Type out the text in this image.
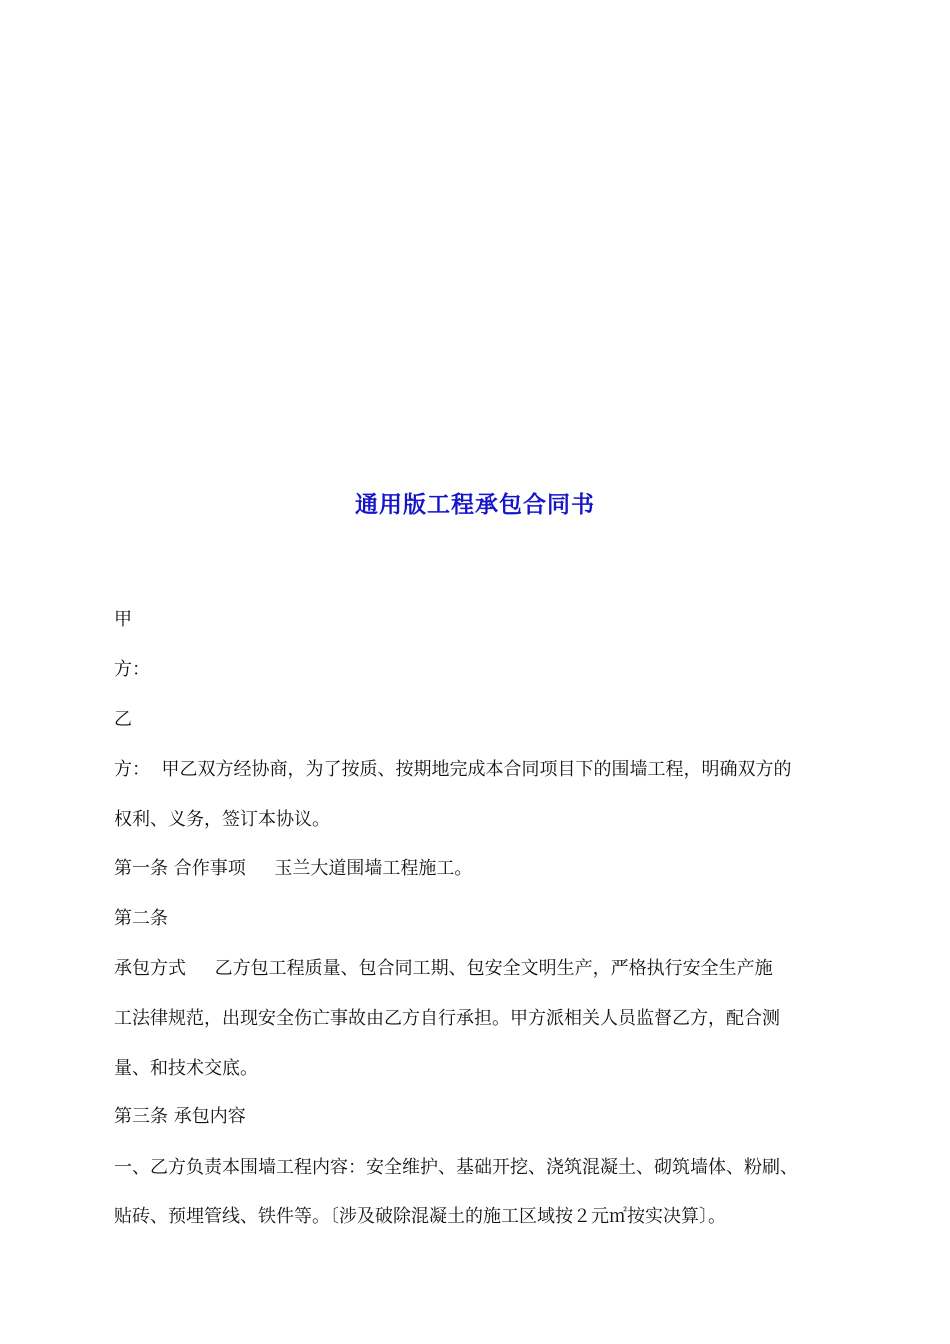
通用版工程承包合同书
甲
方：
乙
方：  甲乙双方经协商，为了按质、按期地完成本合同项目下的围墙工程，明确双方的
权利、义务，签订本协议。
第一条 合作事项     玉兰大道围墙工程施工。
第二条
承包方式     乙方包工程质量、包合同工期、包安全文明生产，严格执行安全生产施
工法律规范，出现安全伤亡事故由乙方自行承担。甲方派相关人员监督乙方，配合测
量、和技术交底。
第三条 承包内容
一、乙方负责本围墙工程内容：安全维护、基础开挖、浇筑混凝土、砌筑墙体、粉刷、
贴砖、预埋管线、铁件等。〔涉及破除混凝土的施工区域按２元㎡按实决算〕。
